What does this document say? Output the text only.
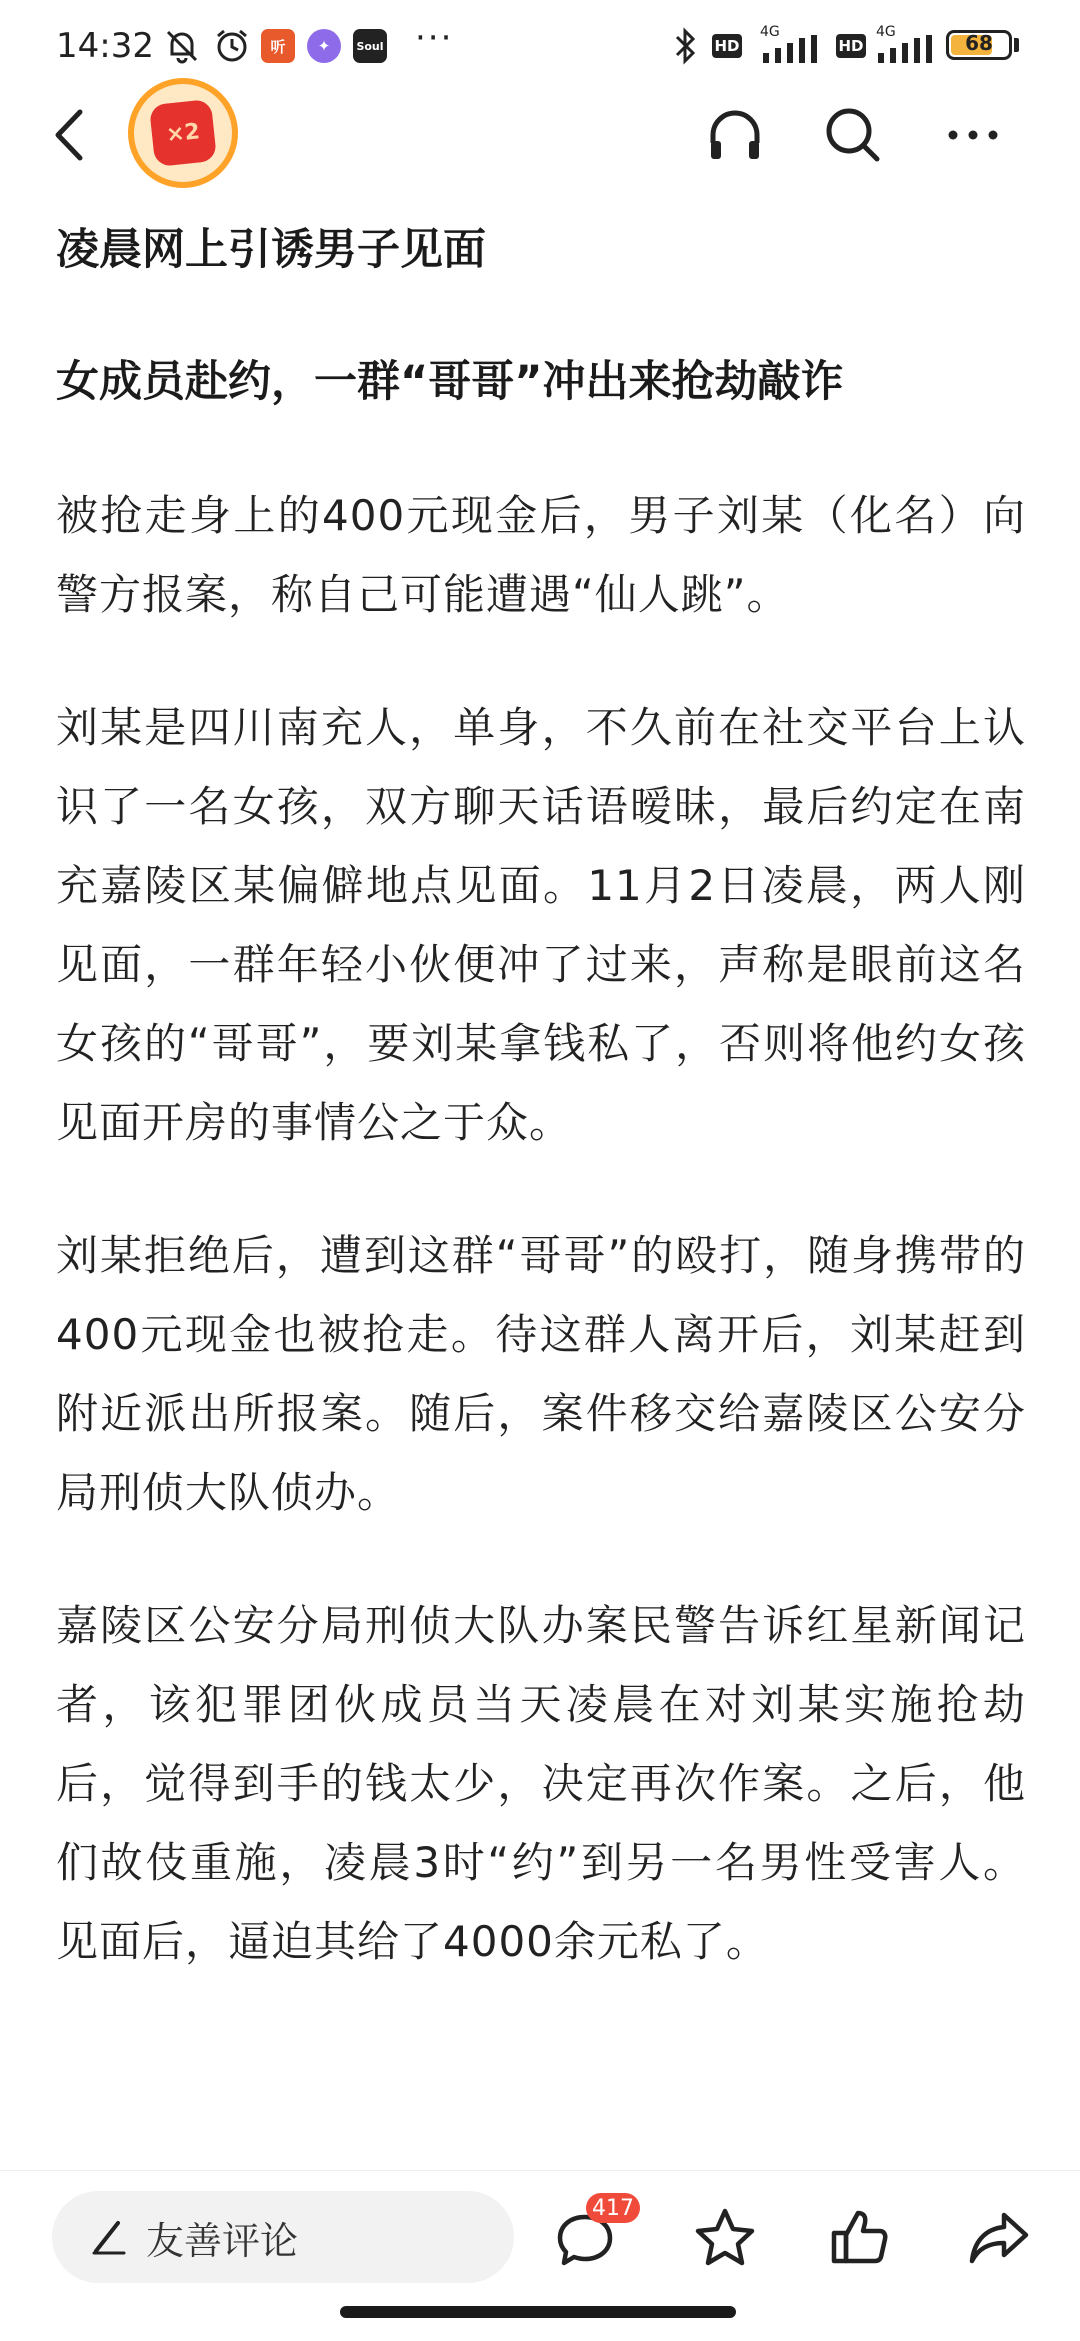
14:32	听	✦	Soul ···	HD
4G
HD
4G	68
×2
凌晨网上引诱男子见面
女成员赴约，一群“哥哥”冲出来抢劫敲诈

被抢走身上的400元现金后，男子刘某（化名）向警方报案，称自己可能遭遇“仙人跳”。

刘某是四川南充人，单身，不久前在社交平台上认识了一名女孩，双方聊天话语暧昧，最后约定在南充嘉陵区某偏僻地点见面。11月2日凌晨，两人刚见面，一群年轻小伙便冲了过来，声称是眼前这名女孩的“哥哥”，要刘某拿钱私了，否则将他约女孩见面开房的事情公之于众。

刘某拒绝后，遭到这群“哥哥”的殴打，随身携带的400元现金也被抢走。待这群人离开后，刘某赶到附近派出所报案。随后，案件移交给嘉陵区公安分局刑侦大队侦办。

嘉陵区公安分局刑侦大队办案民警告诉红星新闻记者，该犯罪团伙成员当天凌晨在对刘某实施抢劫后，觉得到手的钱太少，决定再次作案。之后，他们故伎重施，凌晨3时“约”到另一名男性受害人。见面后，逼迫其给了4000余元私了。

友善评论
417
